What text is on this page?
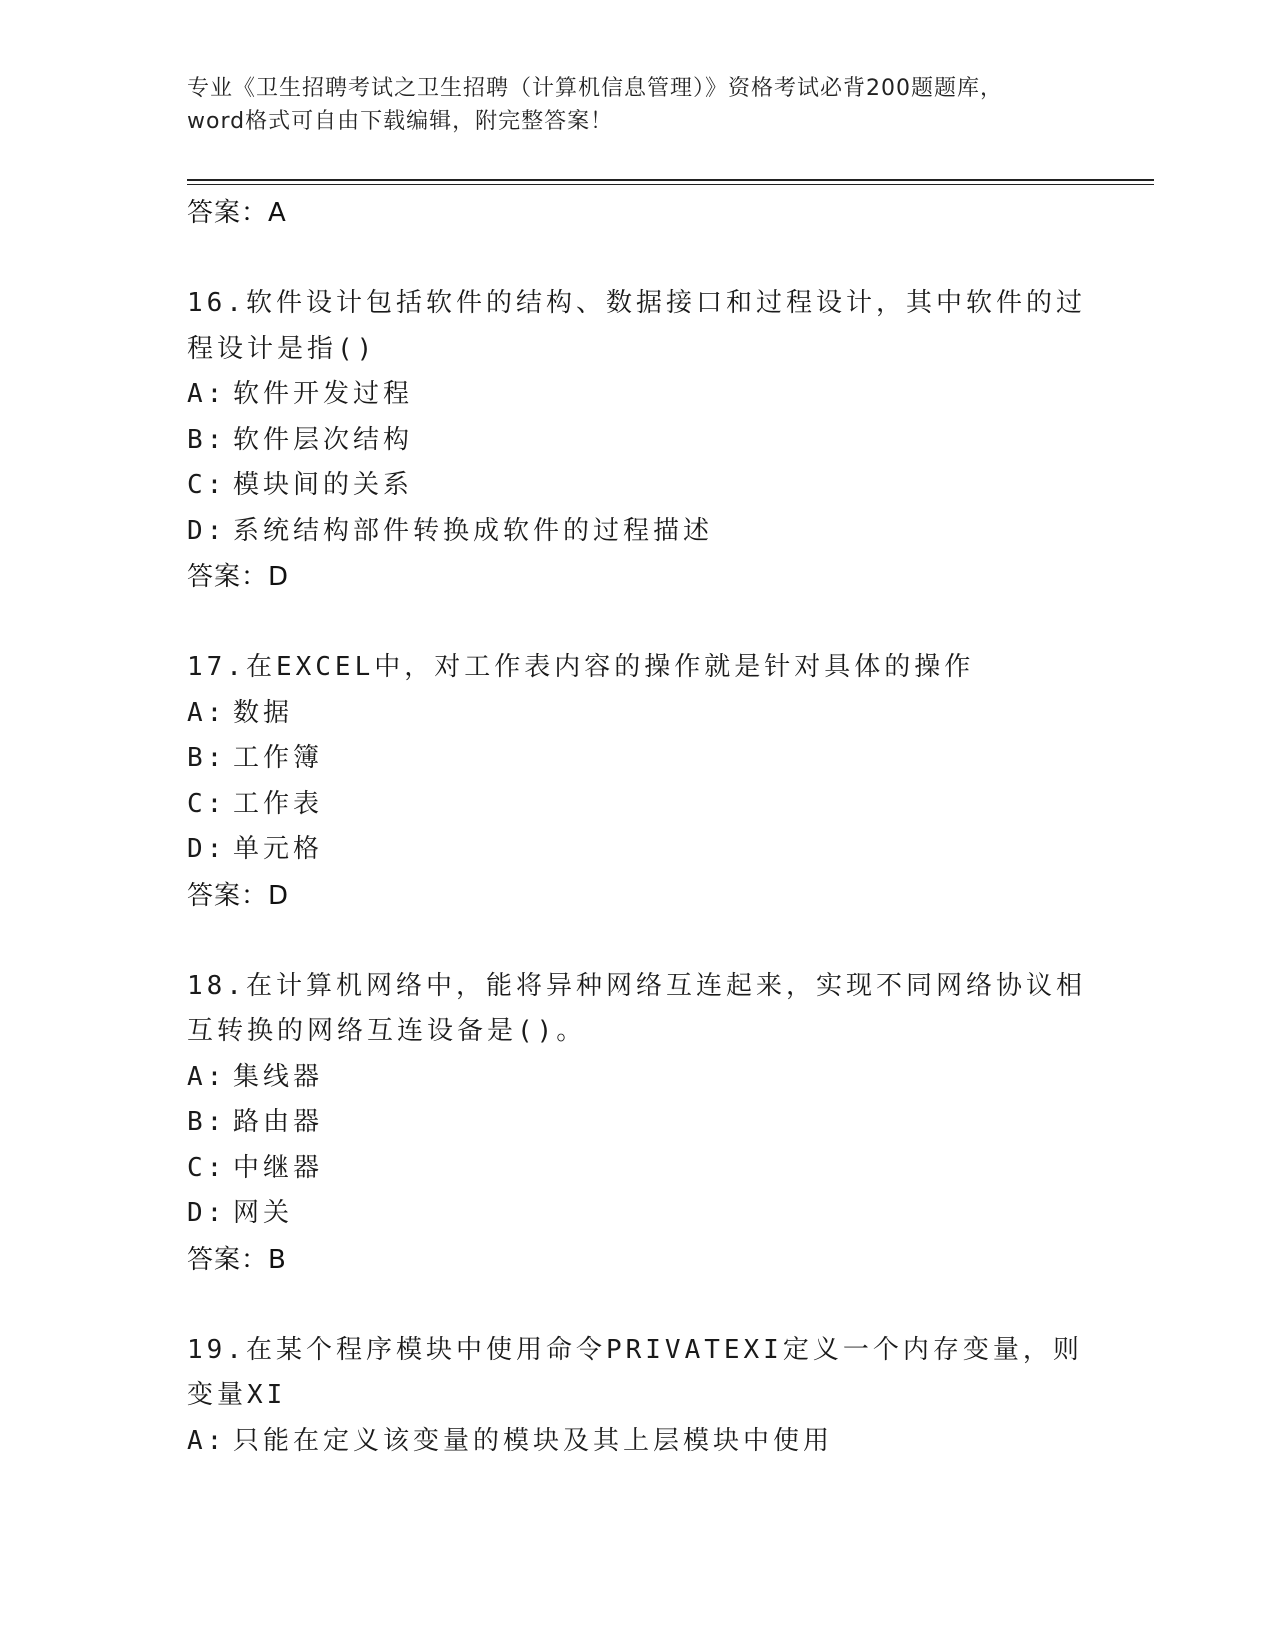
专业《卫生招聘考试之卫生招聘（计算机信息管理）》资格考试必背200题题库，
word格式可自由下载编辑，附完整答案！
答案：A
16.软件设计包括软件的结构、数据接口和过程设计，其中软件的过程设计是指()
A: 软件开发过程
B: 软件层次结构
C: 模块间的关系
D: 系统结构部件转换成软件的过程描述
答案：D
17.在EXCEL中，对工作表内容的操作就是针对具体的操作
A: 数据
B: 工作簿
C: 工作表
D: 单元格
答案：D
18.在计算机网络中，能将异种网络互连起来，实现不同网络协议相互转换的网络互连设备是()。
A: 集线器
B: 路由器
C: 中继器
D: 网关
答案：B
19.在某个程序模块中使用命令PRIVATEXI定义一个内存变量，则变量XI
A: 只能在定义该变量的模块及其上层模块中使用
